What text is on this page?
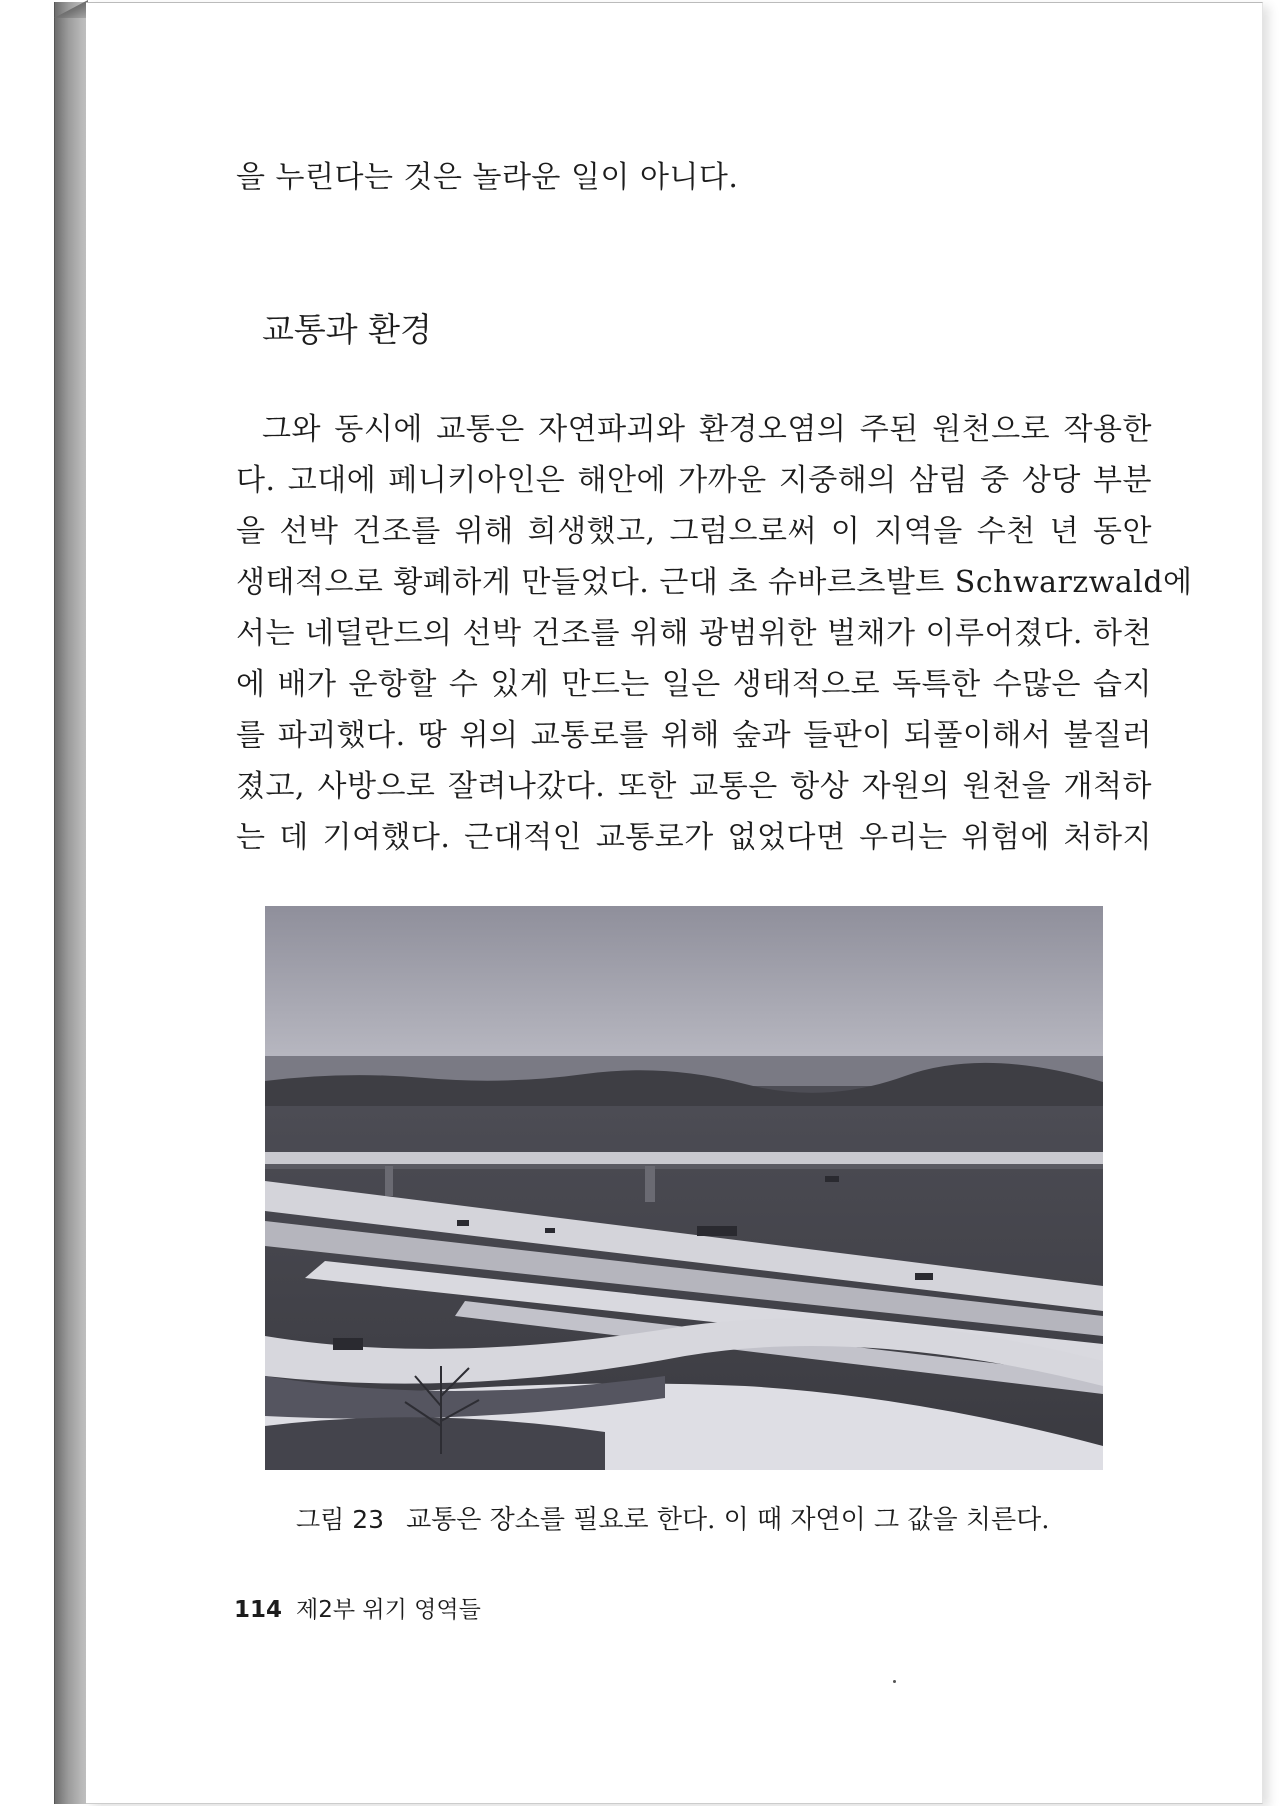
을 누린다는 것은 놀라운 일이 아니다.
교통과 환경
그와 동시에 교통은 자연파괴와 환경오염의 주된 원천으로 작용한
다. 고대에 페니키아인은 해안에 가까운 지중해의 삼림 중 상당 부분
을 선박 건조를 위해 희생했고, 그럼으로써 이 지역을 수천 년 동안
생태적으로 황폐하게 만들었다. 근대 초 슈바르츠발트 Schwarzwald에
서는 네덜란드의 선박 건조를 위해 광범위한 벌채가 이루어졌다. 하천
에 배가 운항할 수 있게 만드는 일은 생태적으로 독특한 수많은 습지
를 파괴했다. 땅 위의 교통로를 위해 숲과 들판이 되풀이해서 불질러
졌고, 사방으로 잘려나갔다. 또한 교통은 항상 자원의 원천을 개척하
는 데 기여했다. 근대적인 교통로가 없었다면 우리는 위험에 처하지
그림 23 교통은 장소를 필요로 한다. 이 때 자연이 그 값을 치른다.
114 제2부 위기 영역들
